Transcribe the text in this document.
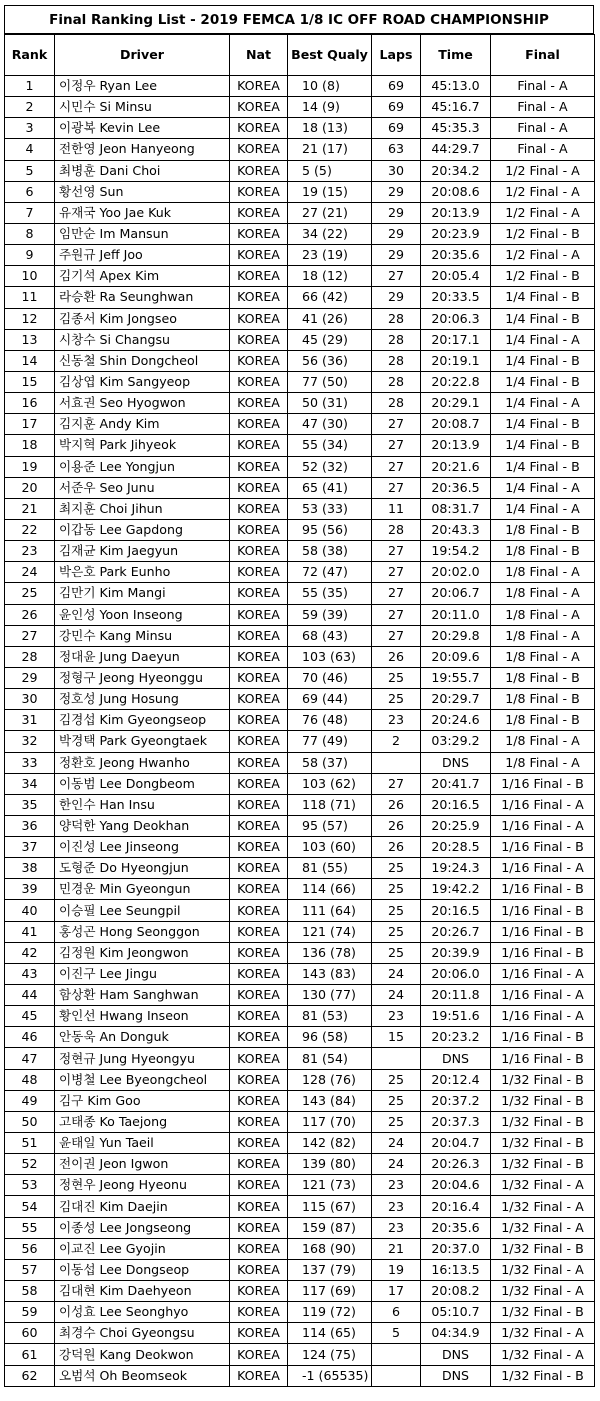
Final Ranking List - 2019 FEMCA 1/8 IC OFF ROAD CHAMPIONSHIP
Rank	Driver	Nat	Best Qualy	Laps	Time	Final
1	이정우 Ryan Lee	KOREA	10 (8)	69	45:13.0	Final - A
2	시민수 Si Minsu	KOREA	14 (9)	69	45:16.7	Final - A
3	이광복 Kevin Lee	KOREA	18 (13)	69	45:35.3	Final - A
4	전한영 Jeon Hanyeong	KOREA	21 (17)	63	44:29.7	Final - A
5	최병훈 Dani Choi	KOREA	5 (5)	30	20:34.2	1/2 Final - A
6	황선영 Sun	KOREA	19 (15)	29	20:08.6	1/2 Final - A
7	유재국 Yoo Jae Kuk	KOREA	27 (21)	29	20:13.9	1/2 Final - A
8	임만순 Im Mansun	KOREA	34 (22)	29	20:23.9	1/2 Final - B
9	주원규 Jeff Joo	KOREA	23 (19)	29	20:35.6	1/2 Final - A
10	김기석 Apex Kim	KOREA	18 (12)	27	20:05.4	1/2 Final - B
11	라승환 Ra Seunghwan	KOREA	66 (42)	29	20:33.5	1/4 Final - B
12	김종서 Kim Jongseo	KOREA	41 (26)	28	20:06.3	1/4 Final - B
13	시창수 Si Changsu	KOREA	45 (29)	28	20:17.1	1/4 Final - A
14	신동철 Shin Dongcheol	KOREA	56 (36)	28	20:19.1	1/4 Final - B
15	김상엽 Kim Sangyeop	KOREA	77 (50)	28	20:22.8	1/4 Final - B
16	서효권 Seo Hyogwon	KOREA	50 (31)	28	20:29.1	1/4 Final - A
17	김지훈 Andy Kim	KOREA	47 (30)	27	20:08.7	1/4 Final - B
18	박지혁 Park Jihyeok	KOREA	55 (34)	27	20:13.9	1/4 Final - B
19	이용준 Lee Yongjun	KOREA	52 (32)	27	20:21.6	1/4 Final - B
20	서준우 Seo Junu	KOREA	65 (41)	27	20:36.5	1/4 Final - A
21	최지훈 Choi Jihun	KOREA	53 (33)	11	08:31.7	1/4 Final - A
22	이갑동 Lee Gapdong	KOREA	95 (56)	28	20:43.3	1/8 Final - B
23	김재균 Kim Jaegyun	KOREA	58 (38)	27	19:54.2	1/8 Final - B
24	박은호 Park Eunho	KOREA	72 (47)	27	20:02.0	1/8 Final - A
25	김만기 Kim Mangi	KOREA	55 (35)	27	20:06.7	1/8 Final - A
26	윤인성 Yoon Inseong	KOREA	59 (39)	27	20:11.0	1/8 Final - A
27	강민수 Kang Minsu	KOREA	68 (43)	27	20:29.8	1/8 Final - A
28	정대윤 Jung Daeyun	KOREA	103 (63)	26	20:09.6	1/8 Final - A
29	정형구 Jeong Hyeonggu	KOREA	70 (46)	25	19:55.7	1/8 Final - B
30	정호성 Jung Hosung	KOREA	69 (44)	25	20:29.7	1/8 Final - B
31	김경섭 Kim Gyeongseop	KOREA	76 (48)	23	20:24.6	1/8 Final - B
32	박경택 Park Gyeongtaek	KOREA	77 (49)	2	03:29.2	1/8 Final - A
33	정환호 Jeong Hwanho	KOREA	58 (37)		DNS	1/8 Final - A
34	이동범 Lee Dongbeom	KOREA	103 (62)	27	20:41.7	1/16 Final - B
35	한인수 Han Insu	KOREA	118 (71)	26	20:16.5	1/16 Final - A
36	양덕한 Yang Deokhan	KOREA	95 (57)	26	20:25.9	1/16 Final - A
37	이진성 Lee Jinseong	KOREA	103 (60)	26	20:28.5	1/16 Final - B
38	도형준 Do Hyeongjun	KOREA	81 (55)	25	19:24.3	1/16 Final - A
39	민경운 Min Gyeongun	KOREA	114 (66)	25	19:42.2	1/16 Final - B
40	이승필 Lee Seungpil	KOREA	111 (64)	25	20:16.5	1/16 Final - B
41	홍성곤 Hong Seonggon	KOREA	121 (74)	25	20:26.7	1/16 Final - B
42	김정원 Kim Jeongwon	KOREA	136 (78)	25	20:39.9	1/16 Final - B
43	이진구 Lee Jingu	KOREA	143 (83)	24	20:06.0	1/16 Final - A
44	함상환 Ham Sanghwan	KOREA	130 (77)	24	20:11.8	1/16 Final - A
45	황인선 Hwang Inseon	KOREA	81 (53)	23	19:51.6	1/16 Final - A
46	안동욱 An Donguk	KOREA	96 (58)	15	20:23.2	1/16 Final - B
47	정현규 Jung Hyeongyu	KOREA	81 (54)		DNS	1/16 Final - B
48	이병철 Lee Byeongcheol	KOREA	128 (76)	25	20:12.4	1/32 Final - B
49	김구 Kim Goo	KOREA	143 (84)	25	20:37.2	1/32 Final - B
50	고태종 Ko Taejong	KOREA	117 (70)	25	20:37.3	1/32 Final - B
51	윤태일 Yun Taeil	KOREA	142 (82)	24	20:04.7	1/32 Final - B
52	전이권 Jeon Igwon	KOREA	139 (80)	24	20:26.3	1/32 Final - B
53	정현우 Jeong Hyeonu	KOREA	121 (73)	23	20:04.6	1/32 Final - A
54	김대진 Kim Daejin	KOREA	115 (67)	23	20:16.4	1/32 Final - A
55	이종성 Lee Jongseong	KOREA	159 (87)	23	20:35.6	1/32 Final - A
56	이교진 Lee Gyojin	KOREA	168 (90)	21	20:37.0	1/32 Final - B
57	이동섭 Lee Dongseop	KOREA	137 (79)	19	16:13.5	1/32 Final - A
58	김대현 Kim Daehyeon	KOREA	117 (69)	17	20:08.2	1/32 Final - A
59	이성효 Lee Seonghyo	KOREA	119 (72)	6	05:10.7	1/32 Final - B
60	최경수 Choi Gyeongsu	KOREA	114 (65)	5	04:34.9	1/32 Final - A
61	강덕원 Kang Deokwon	KOREA	124 (75)		DNS	1/32 Final - A
62	오범석 Oh Beomseok	KOREA	-1 (65535)		DNS	1/32 Final - B
